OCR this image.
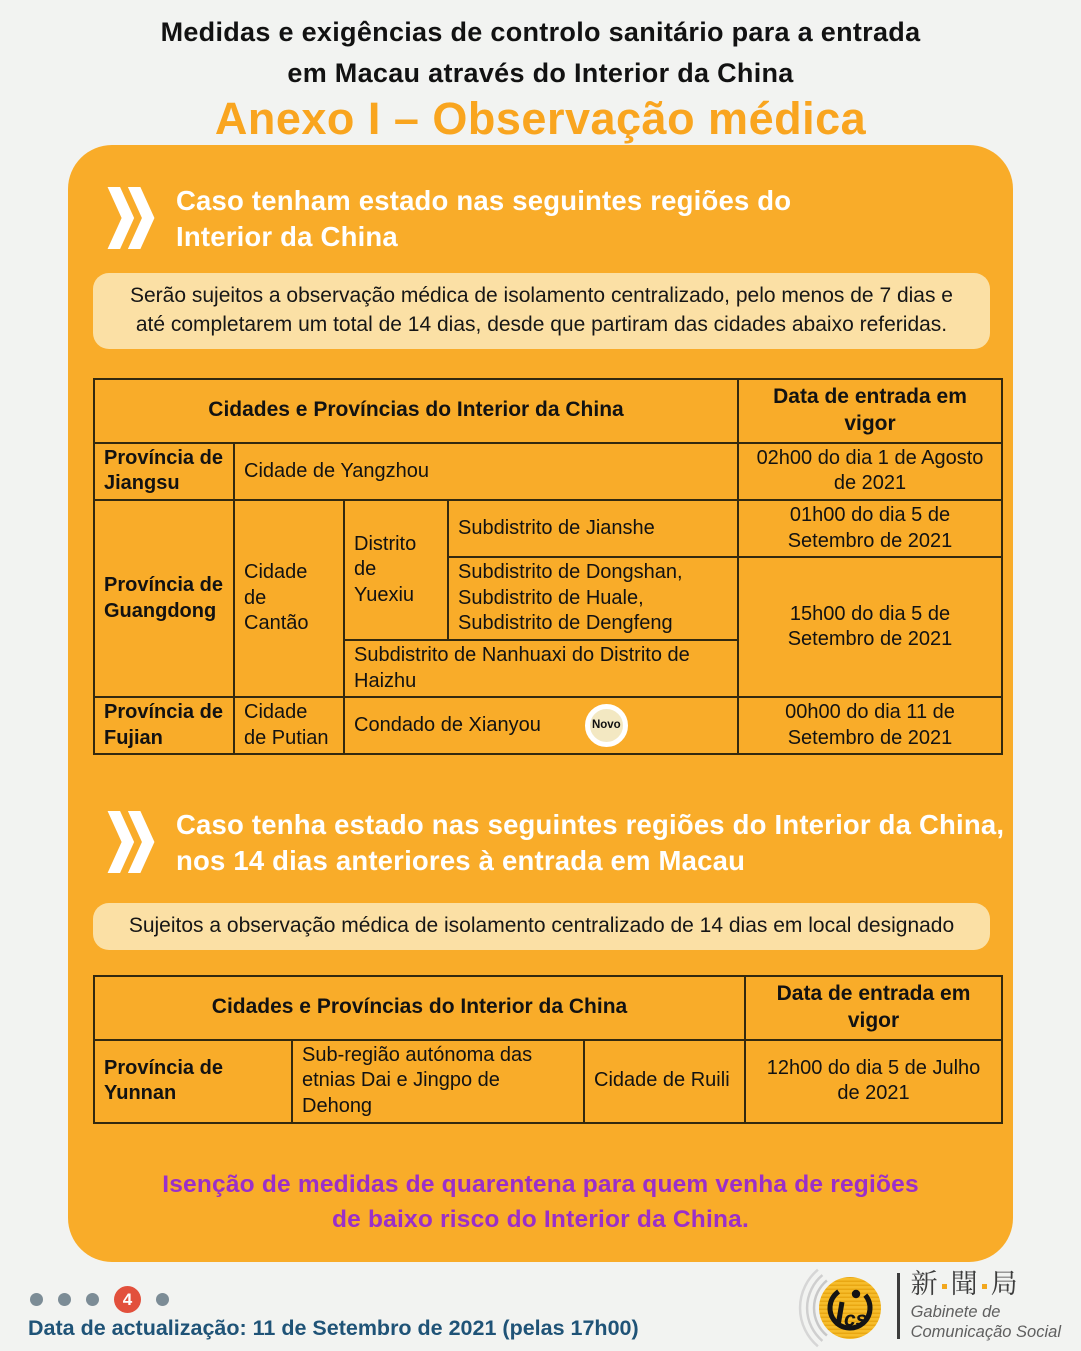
Medidas e exigências de controlo sanitário para a entrada
em Macau através do Interior da China
Anexo I – Observação médica
Caso tenham estado nas seguintes regiões do Interior da China
Serão sujeitos a observação médica de isolamento centralizado, pelo menos de 7 dias e até completarem um total de 14 dias, desde que partiram das cidades abaixo referidas.
Cidades e Províncias do Interior da China				Data de entrada em vigor
Província de Jiangsu	Cidade de Yangzhou			02h00 do dia 1 de Agosto de 2021
Província de Guangdong	Cidade de Cantão	Distrito de Yuexiu	Subdistrito de Jianshe	01h00 do dia 5 de Setembro de 2021
			Subdistrito de Dongshan, Subdistrito de Huale, Subdistrito de Dengfeng	15h00 do dia 5 de Setembro de 2021
		Subdistrito de Nanhuaxi do Distrito de Haizhu		
Província de Fujian	Cidade de Putian	Condado de Xianyou Novo		00h00 do dia 11 de Setembro de 2021
Caso tenha estado nas seguintes regiões do Interior da China, nos 14 dias anteriores à entrada em Macau
Sujeitos a observação médica de isolamento centralizado de 14 dias em local designado
Cidades e Províncias do Interior da China			Data de entrada em vigor
Província de Yunnan	Sub-região autónoma das etnias Dai e Jingpo de Dehong	Cidade de Ruili	12h00 do dia 5 de Julho de 2021
Isenção de medidas de quarentena para quem venha de regiões de baixo risco do Interior da China.
4
Data de actualização: 11 de Setembro de 2021 (pelas 17h00)	cs
新 聞 局
Gabinete de
Comunicação Social
